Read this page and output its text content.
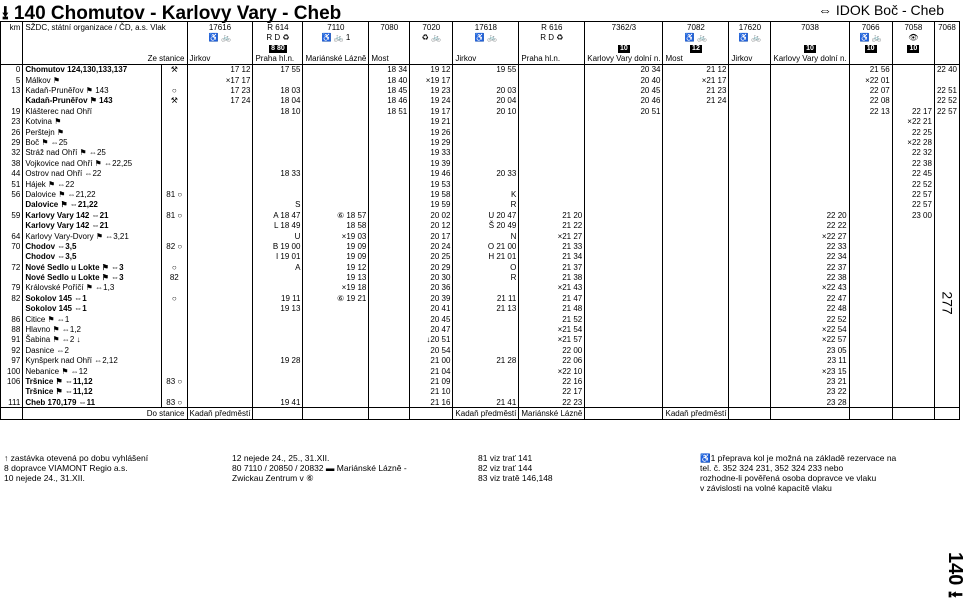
⭳ 140 Chomutov - Karlovy Vary - Cheb	⇔ IDOK Boč - Cheb
km	SŽDC, státní organizace / ČD, a.s. Vlak		17616	R 614	7110	7080	7020	17618	R 616	7362/3	7082	17620	7038	7066	7058	7068
			♿ 🚲	R D ♻	♿ 🚲 1		♻ 🚲	♿ 🚲	R D ♻		♿ 🚲	♿ 🚲		♿ 🚲	👁	
				8 80						10	12		10	10	10	
	Ze stanice		Jirkov	Praha hl.n.	Mariánské Lázně	Most		Jirkov	Praha hl.n.	Karlovy Vary dolní n.	Most	Jirkov	Karlovy Vary dolní n.			
0	Chomutov 124,130,133,137	⚒	17 12	17 55		18 34	19 12	19 55		20 34	21 12			21 56		22 40
5	Málkov ⚑		×17 17			18 40	×19 17			20 40	×21 17			×22 01		
13	Kadaň-Pruněřov ⚑ 143	○	17 23	18 03		18 45	19 23	20 03		20 45	21 23			22 07		22 51
	Kadaň-Pruněřov ⚑ 143	⚒	17 24	18 04		18 46	19 24	20 04		20 46	21 24			22 08		22 52
19	Klášterec nad Ohří			18 10		18 51	19 17	20 10		20 51				22 13	22 17	22 57
23	Kotvina ⚑						19 21								×22 21	
26	Perštejn ⚑						19 26								22 25	
29	Boč ⚑ ⇔25						19 29								×22 28	
32	Stráž nad Ohří ⚑ ⇔25						19 33								22 32	
38	Vojkovice nad Ohří ⚑ ⇔22,25						19 39								22 38	
44	Ostrov nad Ohří ⇔22			18 33			19 46	20 33							22 45	
51	Hájek ⚑ ⇔22						19 53								22 52	
56	Dalovice ⚑ ⇔21,22	81 ○					19 58	K							22 57	
	Dalovice ⚑ ⇔21,22			S			19 59	R							22 57	
59	Karlovy Vary 142 ⇔21	81 ○		A 18 47	⑥ 18 57		20 02	U 20 47	21 20				22 20		23 00	
	Karlovy Vary 142 ⇔21			L 18 49	18 58		20 12	Š 20 49	21 22				22 22			
64	Karlovy Vary-Dvory ⚑ ⇔3,21			U	×19 03		20 17	N	×21 27				×22 27			
70	Chodov ⇔3,5	82 ○		B 19 00	19 09		20 24	O 21 00	21 33				22 33			
	Chodov ⇔3,5			I 19 01	19 09		20 25	H 21 01	21 34				22 34			
72	Nové Sedlo u Lokte ⚑ ⇔3	○		A	19 12		20 29	O	21 37				22 37			
	Nové Sedlo u Lokte ⚑ ⇔3	82			19 13		20 30	R	21 38				22 38			
79	Královské Poříčí ⚑ ⇔1,3				×19 18		20 36		×21 43				×22 43			
82	Sokolov 145 ⇔1	○		19 11	⑥ 19 21		20 39	21 11	21 47				22 47			
	Sokolov 145 ⇔1			19 13			20 41	21 13	21 48				22 48			
86	Citice ⚑ ⇔1						20 45		21 52				22 52			
88	Hlavno ⚑ ⇔1,2						20 47		×21 54				×22 54			
91	Šabina ⚑ ⇔2 ↓						↓20 51		×21 57				×22 57			
92	Dasnice ⇔2						20 54		22 00				23 05			
97	Kynšperk nad Ohří ⇔2,12			19 28			21 00	21 28	22 06				23 11			
100	Nebanice ⚑ ⇔12						21 04		×22 10				×23 15			
106	Tršnice ⚑ ⇔11,12	83 ○					21 09		22 16				23 21			
	Tršnice ⚑ ⇔11,12						21 10		22 17				23 22			
111	Cheb 170,179 ⇔11	83 ○		19 41			21 16	21 41	22 23				23 28			
	Do stanice		Kadaň předměstí					Kadaň předměstí	Mariánské Lázně		Kadaň předměstí					
↑ zastávka otevená po dobu vyhlášení
8 dopravce VIAMONT Regio a.s.
10 nejede 24., 31.XII.
12 nejede 24., 25., 31.XII.
80 7110 / 20850 / 20832 ▬ Mariánské Lázně -
Zwickau Zentrum v ⑥
81 viz trať 141
82 viz trať 144
83 viz tratě 146,148
♿1 přeprava kol je možná na základě rezervace na
tel. č. 352 324 231, 352 324 233 nebo
rozhodne-li pověřená osoba dopravce ve vlaku
v závislosti na volné kapacitě vlaku
277
140 ⭳
